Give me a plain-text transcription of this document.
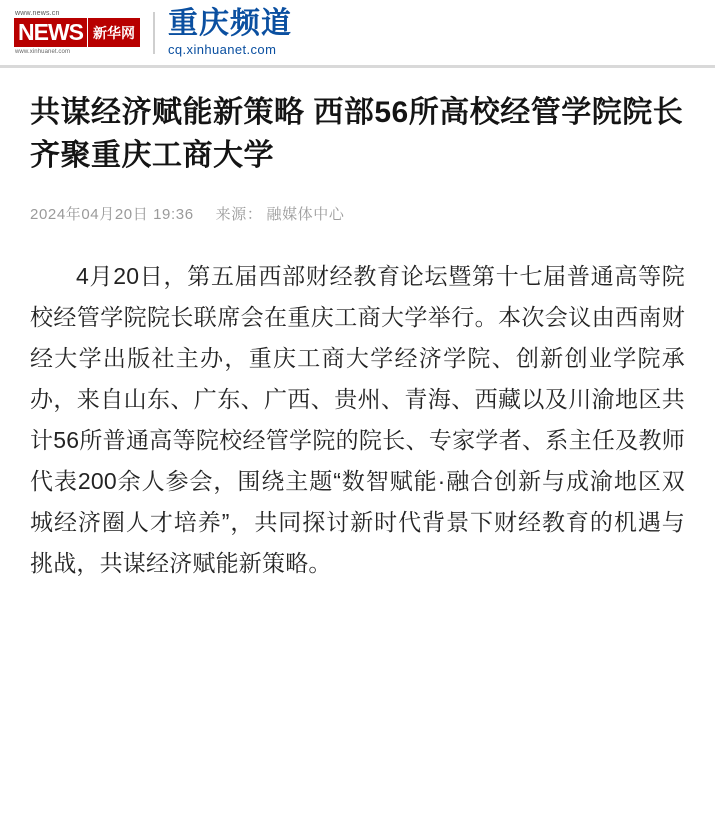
www.news.cn
NEWS 新华网
www.xinhuanet.com
重庆频道
cq.xinhuanet.com
共谋经济赋能新策略 西部56所高校经管学院院长齐聚重庆工商大学
2024年04月20日 19:36 来源： 融媒体中心

4月20日，第五届西部财经教育论坛暨第十七届普通高等院校经管学院院长联席会在重庆工商大学举行。本次会议由西南财经大学出版社主办，重庆工商大学经济学院、创新创业学院承办，来自山东、广东、广西、贵州、青海、西藏以及川渝地区共计56所普通高等院校经管学院的院长、专家学者、系主任及教师代表200余人参会，围绕主题“数智赋能·融合创新与成渝地区双城经济圈人才培养”，共同探讨新时代背景下财经教育的机遇与挑战，共谋经济赋能新策略。
